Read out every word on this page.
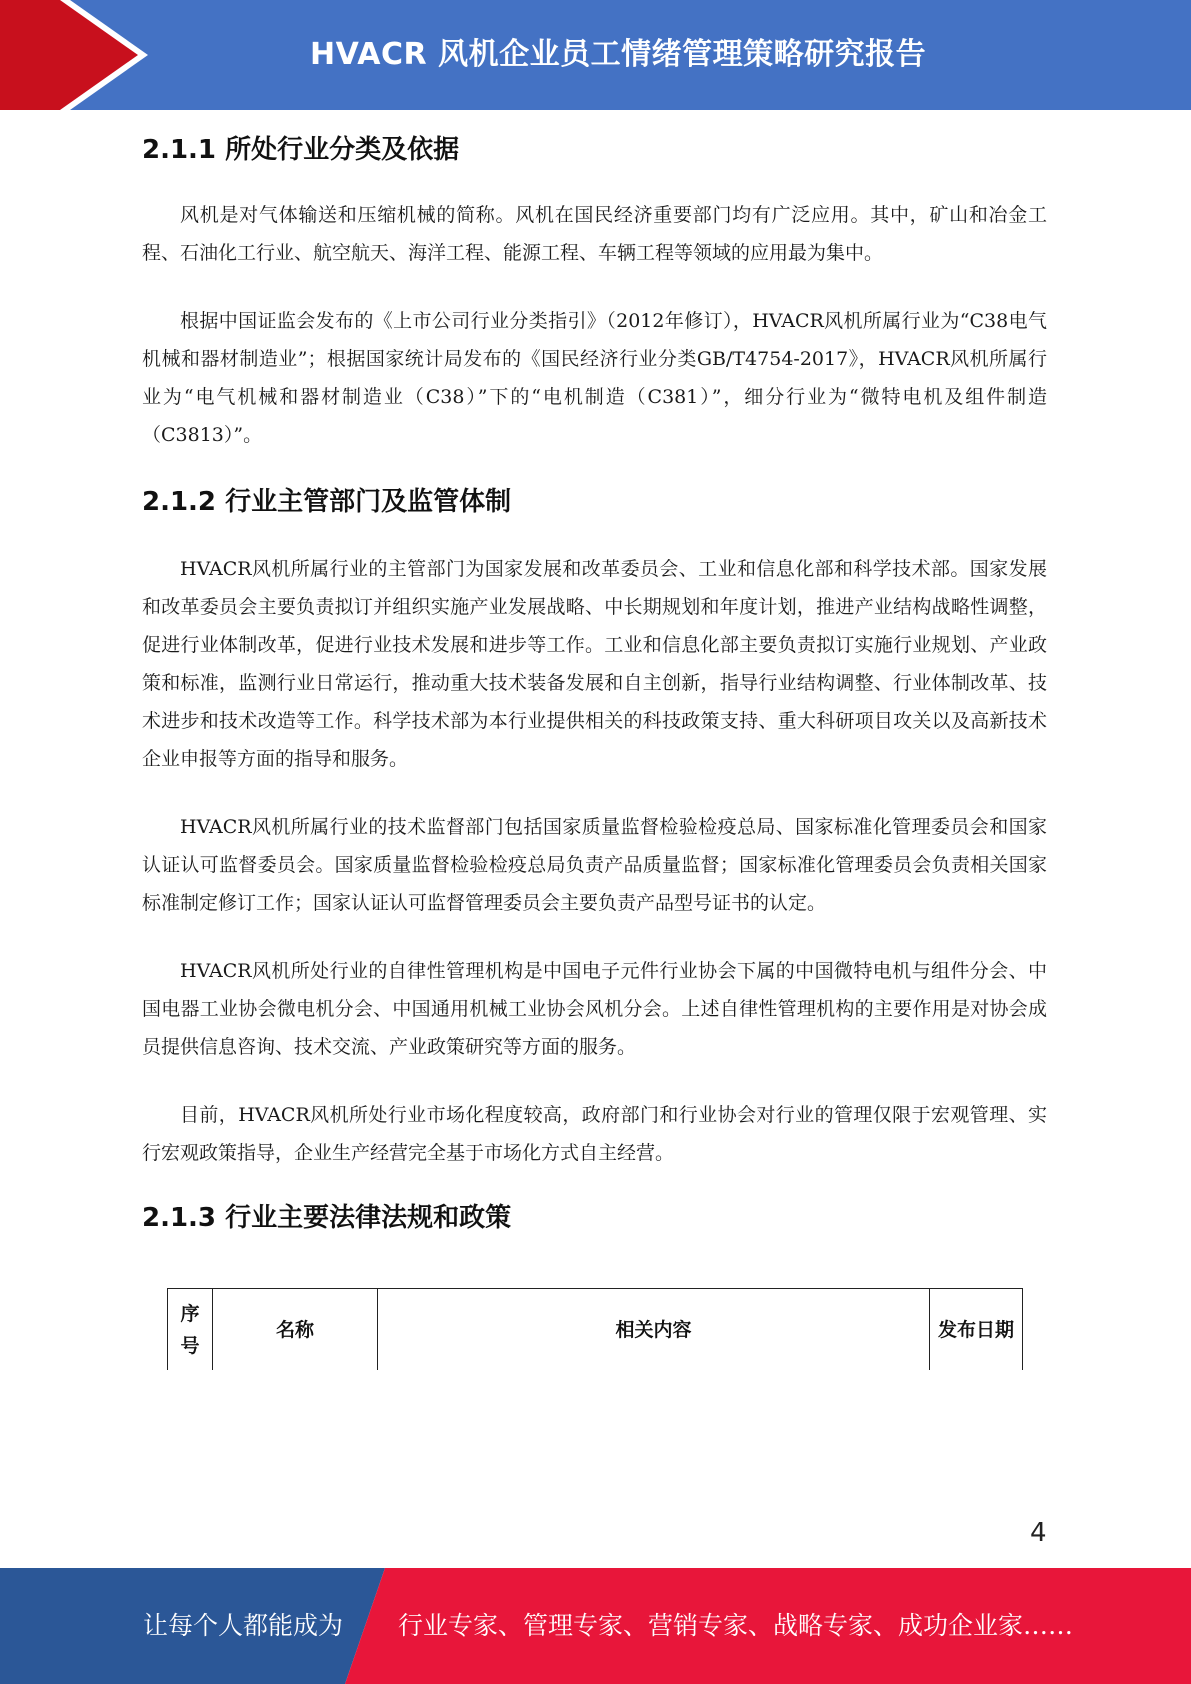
HVACR 风机企业员工情绪管理策略研究报告
2.1.1 所处行业分类及依据

风机是对气体输送和压缩机械的简称。风机在国民经济重要部门均有广泛应用。其中，矿山和冶金工程、石油化工行业、航空航天、海洋工程、能源工程、车辆工程等领域的应用最为集中。

根据中国证监会发布的《上市公司行业分类指引》（2012年修订），HVACR风机所属行业为“C38电气机械和器材制造业”；根据国家统计局发布的《国民经济行业分类GB/T4754-2017》，HVACR风机所属行业为“电气机械和器材制造业（C38）”下的“电机制造（C381）”，细分行业为“微特电机及组件制造（C3813）”。

2.1.2 行业主管部门及监管体制

HVACR风机所属行业的主管部门为国家发展和改革委员会、工业和信息化部和科学技术部。国家发展和改革委员会主要负责拟订并组织实施产业发展战略、中长期规划和年度计划，推进产业结构战略性调整，促进行业体制改革，促进行业技术发展和进步等工作。工业和信息化部主要负责拟订实施行业规划、产业政策和标准，监测行业日常运行，推动重大技术装备发展和自主创新，指导行业结构调整、行业体制改革、技术进步和技术改造等工作。科学技术部为本行业提供相关的科技政策支持、重大科研项目攻关以及高新技术企业申报等方面的指导和服务。

HVACR风机所属行业的技术监督部门包括国家质量监督检验检疫总局、国家标准化管理委员会和国家认证认可监督委员会。国家质量监督检验检疫总局负责产品质量监督；国家标准化管理委员会负责相关国家标准制定修订工作；国家认证认可监督管理委员会主要负责产品型号证书的认定。

HVACR风机所处行业的自律性管理机构是中国电子元件行业协会下属的中国微特电机与组件分会、中国电器工业协会微电机分会、中国通用机械工业协会风机分会。上述自律性管理机构的主要作用是对协会成员提供信息咨询、技术交流、产业政策研究等方面的服务。

目前，HVACR风机所处行业市场化程度较高，政府部门和行业协会对行业的管理仅限于宏观管理、实行宏观政策指导，企业生产经营完全基于市场化方式自主经营。

2.1.3 行业主要法律法规和政策
序号	名称	相关内容	发布日期
4
让每个人都能成为 行业专家、管理专家、营销专家、战略专家、成功企业家……
